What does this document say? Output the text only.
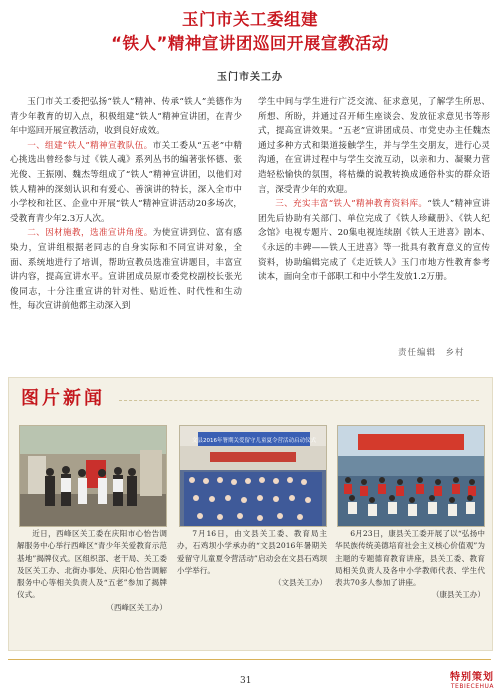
玉门市关工委组建
“铁人”精神宣讲团巡回开展宣教活动
玉门市关工办

玉门市关工委把弘扬“铁人”精神、传承“铁人”美德作为青少年教育的切入点，积极组建“铁人”精神宣讲团，在青少年中巡回开展宣教活动，收到良好成效。

一、组建“铁人”精神宣教队伍。市关工委从“五老”中精心挑选出曾经参与过《铁人魂》系列丛书的编著张怀德、张光俊、王振刚、魏杰等组成了“铁人”精神宣讲团，以他们对铁人精神的深刻认识和有爱心、善演讲的特长，深入全市中小学校和社区、企业中开展“铁人”精神宣讲活动20多场次，受教育青少年2.3万人次。

二、因材施教，选准宣讲角度。为使宣讲到位、富有感染力，宣讲组根据老同志的自身实际和不同宣讲对象，全面、系统地进行了培训，帮助宣教员选准宣讲题目，丰富宣讲内容，提高宣讲水平。宣讲团成员原市委党校副校长张光俊同志，十分注重宣讲的针对性、贴近性、时代性和生动性，每次宣讲前他都主动深入到

学生中间与学生进行广泛交流、征求意见，了解学生所思、所想、所盼，并通过召开师生座谈会、发放征求意见书等形式，提高宣讲效果。“五老”宣讲团成员、市党史办主任魏杰通过多种方式和渠道接触学生，并与学生交朋友，进行心灵沟通，在宣讲过程中与学生交流互动，以亲和力、凝聚力营造轻松愉快的氛围，将枯燥的说教转换成通俗朴实的群众语言，深受青少年的欢迎。

三、充实丰富“铁人”精神教育资料库。“铁人”精神宣讲团先后协助有关部门、单位完成了《铁人珍藏册》、《铁人纪念馆》电视专题片、20集电视连续剧《铁人王进喜》剧本、《永远的丰碑——铁人王进喜》等一批具有教育意义的宣传资料，协助编辑完成了《走近铁人》玉门市地方性教育参考读本，面向全市千部职工和中小学生发放1.2万册。

责任编辑　乡村
图片新闻
文县2016年署期关爱留守儿童夏令营活动启动仪式

近日，西峰区关工委在庆阳市心怡告调解服务中心举行西峰区“青少年关爱教育示范基地”揭牌仪式。区组织部、老干局、关工委及区关工办、北街办事处、庆阳心怡告调解服务中心等相关负责人及“五老”参加了揭牌仪式。

（西峰区关工办）

7月16日，由文县关工委、教育局主办，石鸡坝小学承办的“文县2016年暑期关爱留守儿童夏令营活动”启动会在文县石鸡坝小学举行。

（文县关工办）

6月23日，康县关工委开展了以“弘扬中华民族传统美德培育社会主义核心价值观”为主题的专题德育教育讲座，县关工委、教育局相关负责人及各中小学教师代表、学生代表共70多人参加了讲座。

（康县关工办）
31	特别策划
TEBIECEHUA
